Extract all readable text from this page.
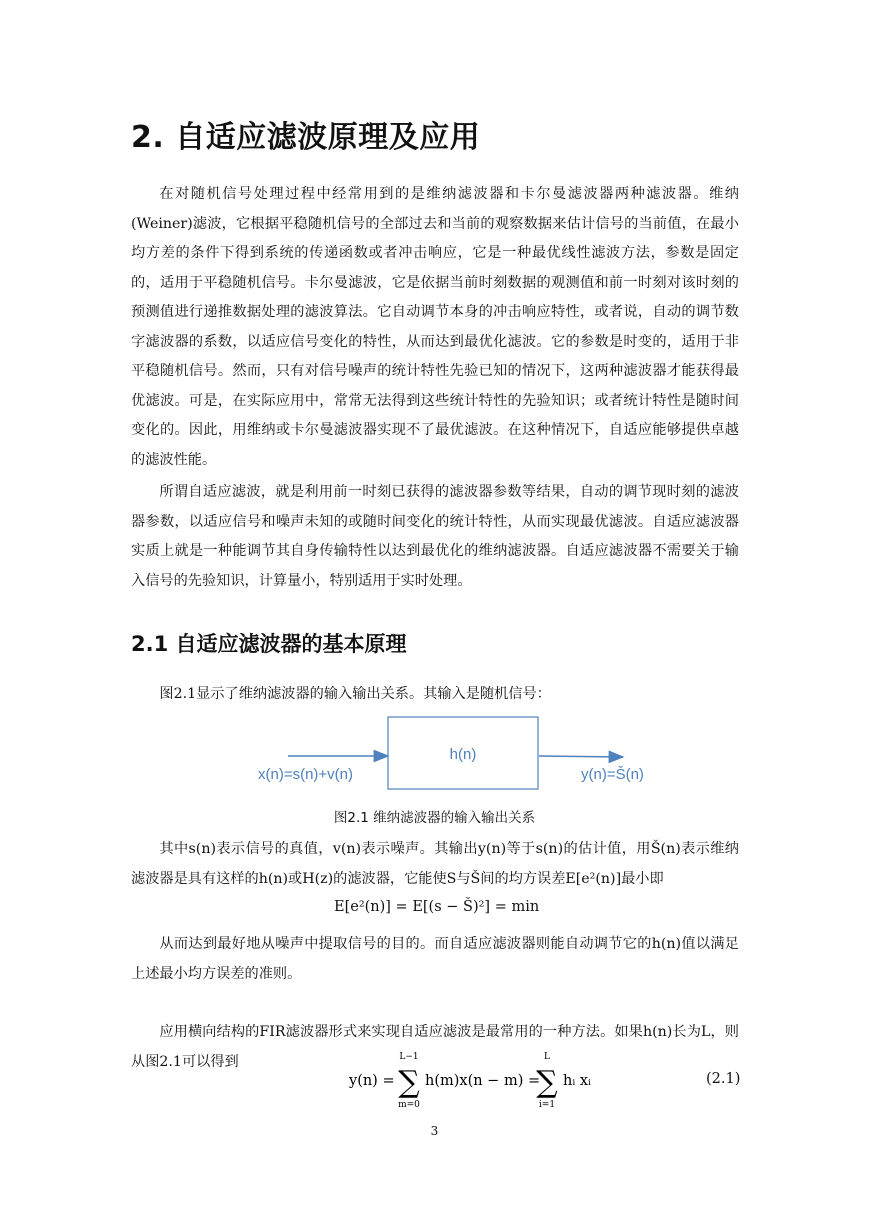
2. 自适应滤波原理及应用

在对随机信号处理过程中经常用到的是维纳滤波器和卡尔曼滤波器两种滤波器。维纳(Weiner)滤波，它根据平稳随机信号的全部过去和当前的观察数据来估计信号的当前值，在最小均方差的条件下得到系统的传递函数或者冲击响应，它是一种最优线性滤波方法，参数是固定的，适用于平稳随机信号。卡尔曼滤波，它是依据当前时刻数据的观测值和前一时刻对该时刻的预测值进行递推数据处理的滤波算法。它自动调节本身的冲击响应特性，或者说，自动的调节数字滤波器的系数，以适应信号变化的特性，从而达到最优化滤波。它的参数是时变的，适用于非平稳随机信号。然而，只有对信号噪声的统计特性先验已知的情况下，这两种滤波器才能获得最优滤波。可是，在实际应用中，常常无法得到这些统计特性的先验知识；或者统计特性是随时间变化的。因此，用维纳或卡尔曼滤波器实现不了最优滤波。在这种情况下，自适应能够提供卓越的滤波性能。

所谓自适应滤波，就是利用前一时刻已获得的滤波器参数等结果，自动的调节现时刻的滤波器参数，以适应信号和噪声未知的或随时间变化的统计特性，从而实现最优滤波。自适应滤波器实质上就是一种能调节其自身传输特性以达到最优化的维纳滤波器。自适应滤波器不需要关于输入信号的先验知识，计算量小，特别适用于实时处理。

2.1 自适应滤波器的基本原理

图2.1显示了维纳滤波器的输入输出关系。其输入是随机信号：

h(n)
x(n)=s(n)+v(n)	y(n)=Š(n)
图2.1 维纳滤波器的输入输出关系

其中s(n)表示信号的真值，v(n)表示噪声。其输出y(n)等于s(n)的估计值，用Š(n)表示维纳滤波器是具有这样的h(n)或H(z)的滤波器，它能使S与Š间的均方误差E[e²(n)]最小即

E[e²(n)] = E[(s − Š)²] = min

从而达到最好地从噪声中提取信号的目的。而自适应滤波器则能自动调节它的h(n)值以满足上述最小均方误差的准则。

应用横向结构的FIR滤波器形式来实现自适应滤波是最常用的一种方法。如果h(n)长为L，则从图2.1可以得到

y(n) =
L−1
∑
m=0
h(m)x(n − m) =
L
∑
i=1
hᵢ xᵢ	(2.1)
3
